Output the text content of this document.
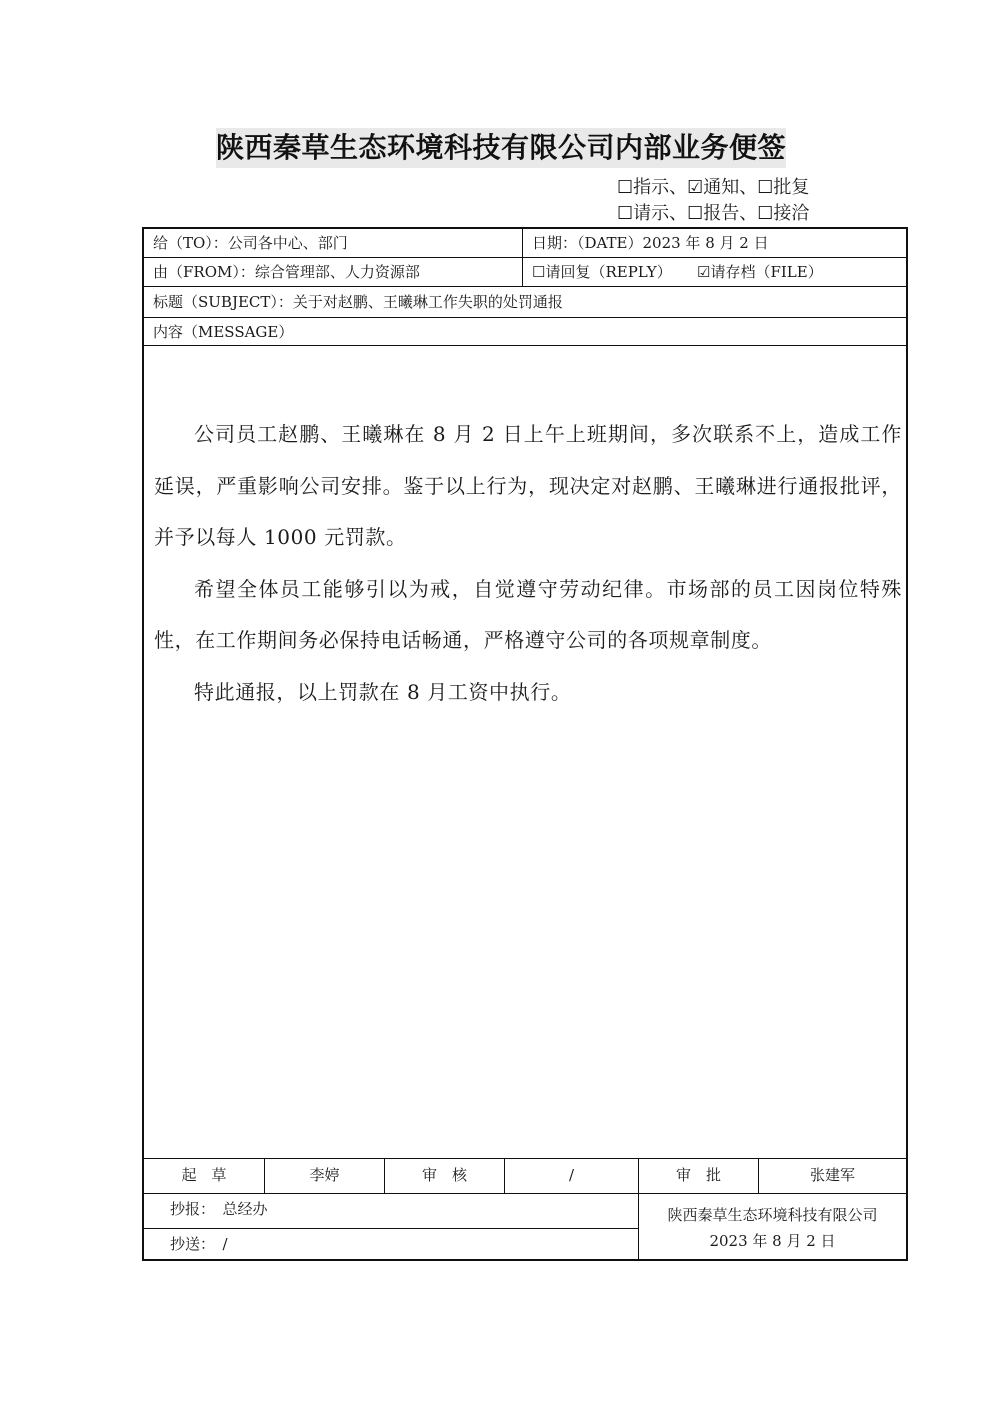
陕西秦草生态环境科技有限公司内部业务便签
☐指示、 ☑通知、 ☐批复
☐请示、 ☐报告、 ☐接洽
给（TO）：公司各中心、部门	日期：（DATE）2023 年 8 月 2 日
由（FROM）：综合管理部、人力资源部	☐请回复（REPLY） ☑请存档（FILE）
标题（SUBJECT）：关于对赵鹏、王曦琳工作失职的处罚通报
内容（MESSAGE）

公司员工赵鹏、王曦琳在 8 月 2 日上午上班期间，多次联系不上，造成工作延误，严重影响公司安排。鉴于以上行为，现决定对赵鹏、王曦琳进行通报批评，并予以每人 1000 元罚款。

希望全体员工能够引以为戒，自觉遵守劳动纪律。市场部的员工因岗位特殊性，在工作期间务必保持电话畅通，严格遵守公司的各项规章制度。

特此通报，以上罚款在 8 月工资中执行。

起　草	李婷	审　核	/	审　批	张建军
抄报：　总经办
抄送：　/
陕西秦草生态环境科技有限公司
2023 年 8 月 2 日
